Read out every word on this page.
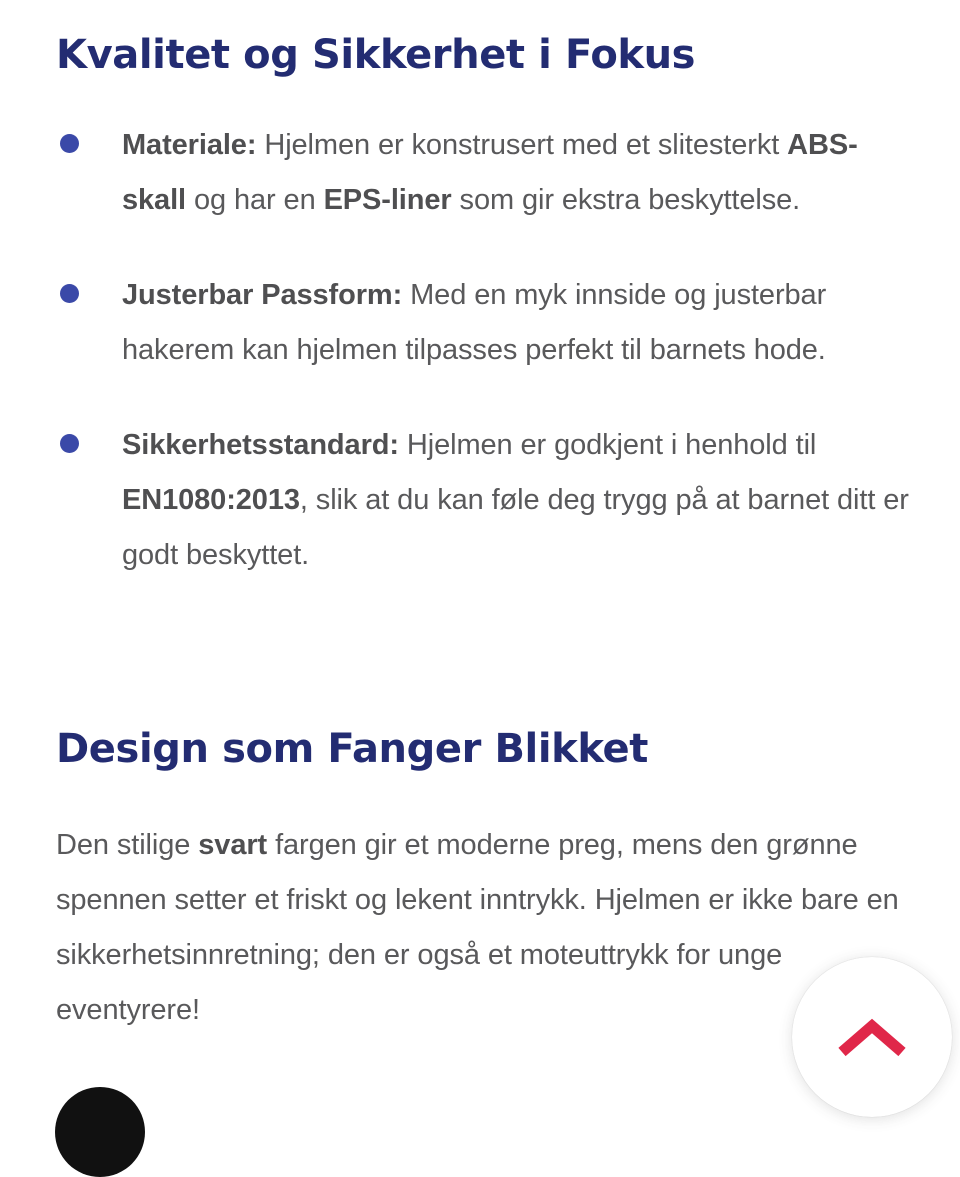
Kvalitet og Sikkerhet i Fokus
Materiale: Hjelmen er konstrusert med et slitesterkt ABS-skall og har en EPS-liner som gir ekstra beskyttelse.
Justerbar Passform: Med en myk innside og justerbar hakerem kan hjelmen tilpasses perfekt til barnets hode.
Sikkerhetsstandard: Hjelmen er godkjent i henhold til EN1080:2013, slik at du kan føle deg trygg på at barnet ditt er godt beskyttet.
Design som Fanger Blikket

Den stilige svart fargen gir et moderne preg, mens den grønne spennen setter et friskt og lekent inntrykk. Hjelmen er ikke bare en sikkerhetsinnretning; den er også et moteuttrykk for unge eventyrere!
